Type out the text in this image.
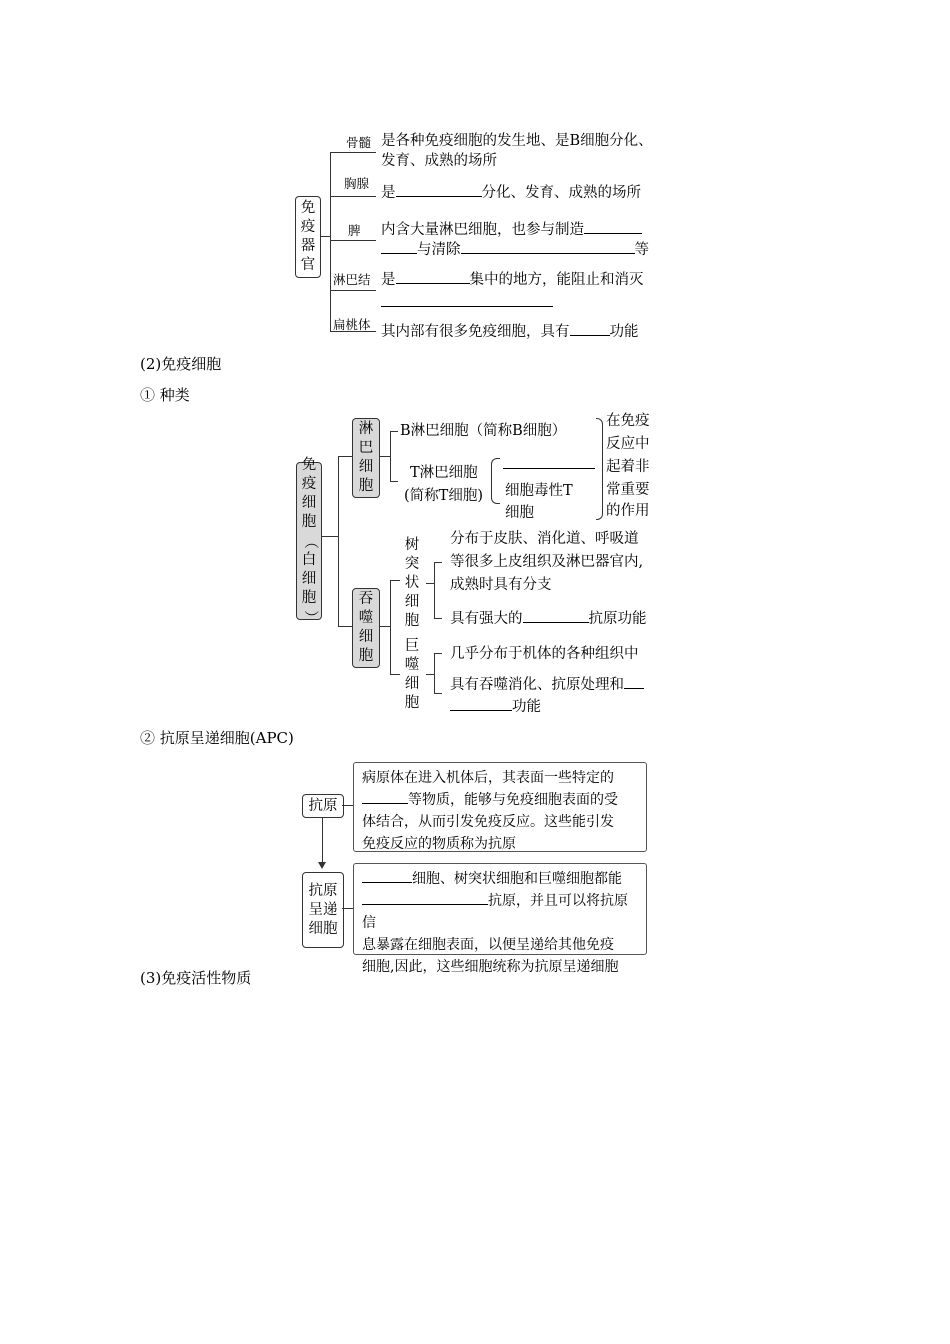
免
疫
器
官
骨髓 是各种免疫细胞的发生地、是B细胞分化、
发育、成熟的场所
胸腺
是	分化、发育、成熟的场所
脾 内含大量淋巴细胞，也参与制造
与清除	等
淋巴结 是	集中的地方，能阻止和消灭
扁桃体 其内部有很多免疫细胞，具有	功能
(2)免疫细胞
① 种类
免
疫
细
胞
（
白
细
胞
）
淋
巴
细
胞
B淋巴细胞（简称B细胞）
T淋巴细胞
(简称T细胞) 细胞毒性T
细胞
在免疫
反应中
起着非
常重要
的作用
吞
噬
细
胞
树
突
状
细
胞
分布于皮肤、消化道、呼吸道
等很多上皮组织及淋巴器官内,
成熟时具有分支
具有强大的	抗原功能
巨
噬
细
胞
几乎分布于机体的各种组织中
具有吞噬消化、抗原处理和
功能
② 抗原呈递细胞(APC)
抗原
病原体在进入机体后，其表面一些特定的
等物质，能够与免疫细胞表面的受
体结合，从而引发免疫反应。这些能引发
免疫反应的物质称为抗原
抗原
呈递
细胞
细胞、树突状细胞和巨噬细胞都能
抗原，并且可以将抗原信
息暴露在细胞表面，以便呈递给其他免疫
细胞,因此，这些细胞统称为抗原呈递细胞
(3)免疫活性物质
